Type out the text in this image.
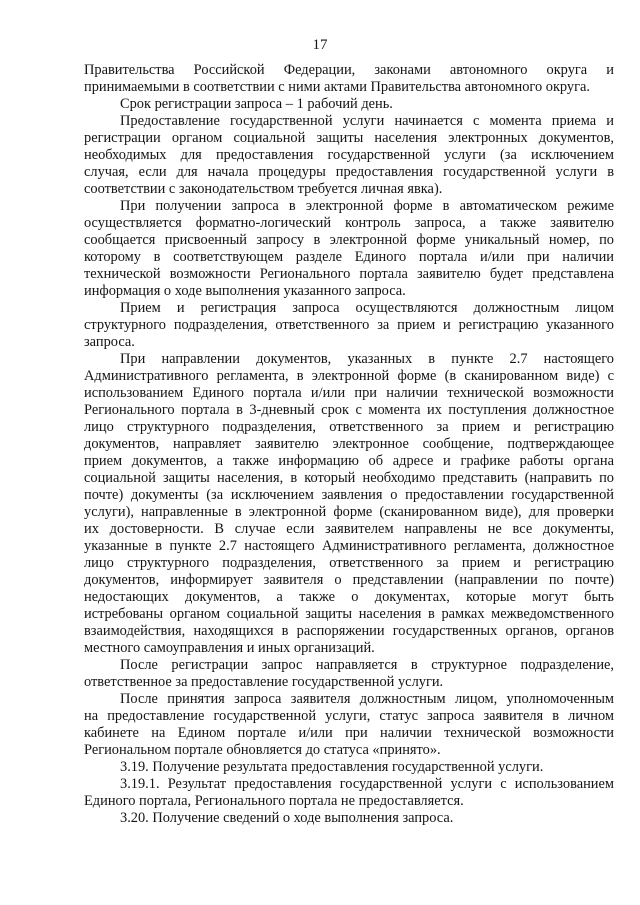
17
Правительства Российской Федерации, законами автономного округа и
принимаемыми в соответствии с ними актами Правительства автономного округа.
Срок регистрации запроса – 1 рабочий день.
Предоставление государственной услуги начинается с момента приема и
регистрации органом социальной защиты населения электронных документов,
необходимых для предоставления государственной услуги (за исключением
случая, если для начала процедуры предоставления государственной услуги в
соответствии с законодательством требуется личная явка).
При получении запроса в электронной форме в автоматическом режиме
осуществляется форматно-логический контроль запроса, а также заявителю
сообщается присвоенный запросу в электронной форме уникальный номер, по
которому в соответствующем разделе Единого портала и/или при наличии
технической возможности Регионального портала заявителю будет представлена
информация о ходе выполнения указанного запроса.
Прием и регистрация запроса осуществляются должностным лицом
структурного подразделения, ответственного за прием и регистрацию указанного
запроса.
При направлении документов, указанных в пункте 2.7 настоящего
Административного регламента, в электронной форме (в сканированном виде) с
использованием Единого портала и/или при наличии технической возможности
Регионального портала в 3-дневный срок с момента их поступления должностное
лицо структурного подразделения, ответственного за прием и регистрацию
документов, направляет заявителю электронное сообщение, подтверждающее
прием документов, а также информацию об адресе и графике работы органа
социальной защиты населения, в который необходимо представить (направить по
почте) документы (за исключением заявления о предоставлении государственной
услуги), направленные в электронной форме (сканированном виде), для проверки
их достоверности. В случае если заявителем направлены не все документы,
указанные в пункте 2.7 настоящего Административного регламента, должностное
лицо структурного подразделения, ответственного за прием и регистрацию
документов, информирует заявителя о представлении (направлении по почте)
недостающих документов, а также о документах, которые могут быть
истребованы органом социальной защиты населения в рамках межведомственного
взаимодействия, находящихся в распоряжении государственных органов, органов
местного самоуправления и иных организаций.
После регистрации запрос направляется в структурное подразделение,
ответственное за предоставление государственной услуги.
После принятия запроса заявителя должностным лицом, уполномоченным
на предоставление государственной услуги, статус запроса заявителя в личном
кабинете на Едином портале и/или при наличии технической возможности
Региональном портале обновляется до статуса «принято».
3.19. Получение результата предоставления государственной услуги.
3.19.1. Результат предоставления государственной услуги с использованием
Единого портала, Регионального портала не предоставляется.
3.20. Получение сведений о ходе выполнения запроса.
